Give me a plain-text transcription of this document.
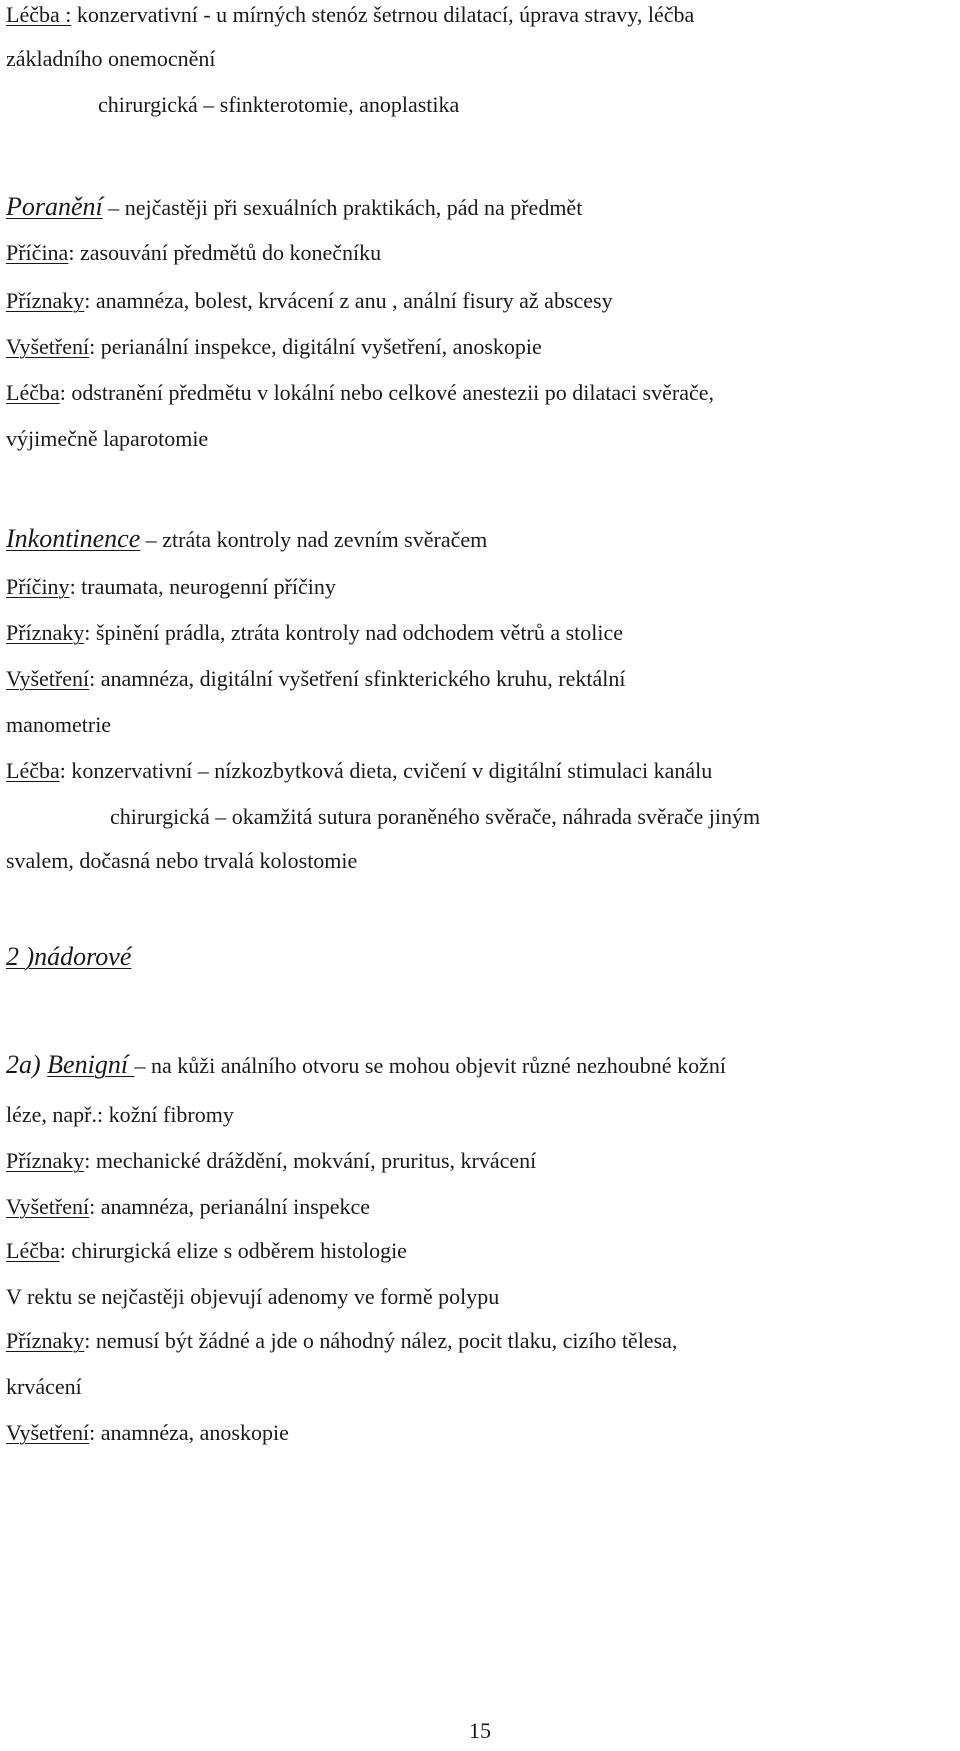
Léčba : konzervativní - u mírných stenóz šetrnou dilatací, úprava stravy, léčba
základního onemocnění
chirurgická – sfinkterotomie, anoplastika
Poranění – nejčastěji při sexuálních praktikách, pád na předmět
Příčina: zasouvání předmětů do konečníku
Příznaky: anamnéza, bolest, krvácení z anu , anální fisury až abscesy
Vyšetření: perianální inspekce, digitální vyšetření, anoskopie
Léčba: odstranění předmětu v lokální nebo celkové anestezii po dilataci svěrače,
výjimečně laparotomie
Inkontinence – ztráta kontroly nad zevním svěračem
Příčiny: traumata, neurogenní příčiny
Příznaky: špinění prádla, ztráta kontroly nad odchodem větrů a stolice
Vyšetření: anamnéza, digitální vyšetření sfinkterického kruhu, rektální
manometrie
Léčba: konzervativní – nízkozbytková dieta, cvičení v digitální stimulaci kanálu
chirurgická – okamžitá sutura poraněného svěrače, náhrada svěrače jiným
svalem, dočasná nebo trvalá kolostomie
2 )nádorové
2a) Benigní – na kůži análního otvoru se mohou objevit různé nezhoubné kožní
léze, např.: kožní fibromy
Příznaky: mechanické dráždění, mokvání, pruritus, krvácení
Vyšetření: anamnéza, perianální inspekce
Léčba: chirurgická elize s odběrem histologie
V rektu se nejčastěji objevují adenomy ve formě polypu
Příznaky: nemusí být žádné a jde o náhodný nález, pocit tlaku, cizího tělesa,
krvácení
Vyšetření: anamnéza, anoskopie
15
